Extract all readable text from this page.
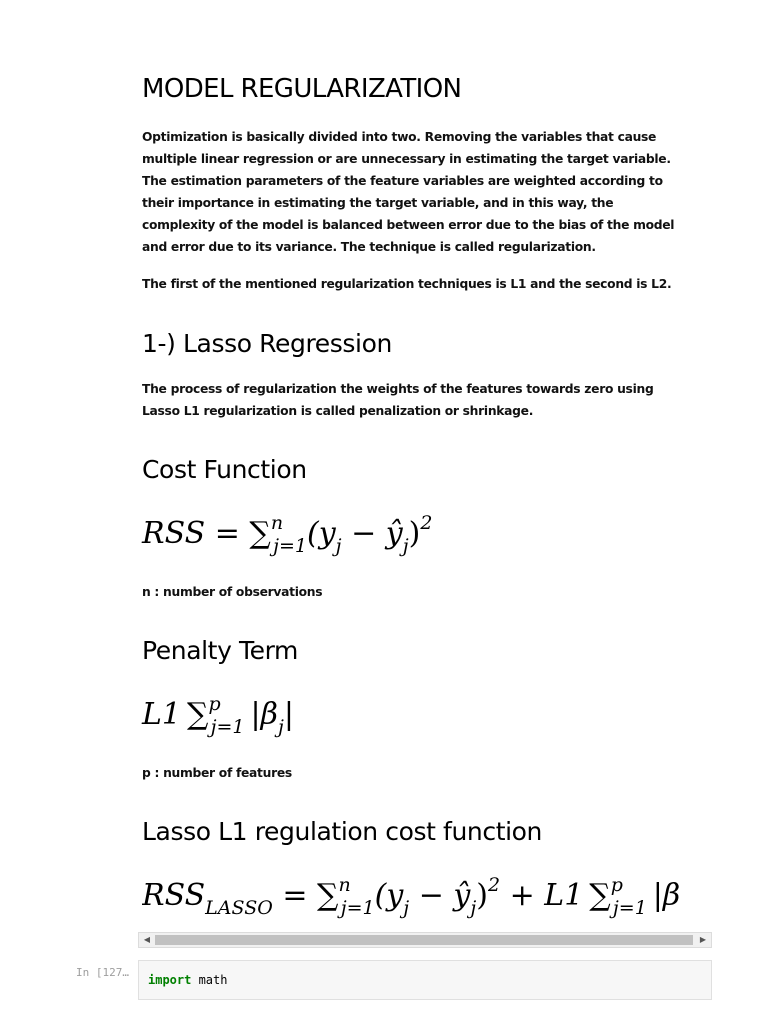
MODEL REGULARIZATION

Optimization is basically divided into two. Removing the variables that cause multiple linear regression or are unnecessary in estimating the target variable. The estimation parameters of the feature variables are weighted according to their importance in estimating the target variable, and in this way, the complexity of the model is balanced between error due to the bias of the model and error due to its variance. The technique is called regularization.

The first of the mentioned regularization techniques is L1 and the second is L2.

1-) Lasso Regression

The process of regularization the weights of the features towards zero using Lasso L1 regularization is called penalization or shrinkage.

Cost Function
RSS = $\sum^n_{j=1}(y_j$ − $ŷ_j)^2$

n : number of observations

Penalty Term
L1 ∑$^p_{j=1}$ $|\beta_j|$

p : number of features

Lasso L1 regulation cost function
$RSS_{LASSO} = \sum^n_{j=1}(y_j$ − $ŷ_j)^2 + L1$ ∑$^p_{j=1}$ |β
◀	▶
In [127…
import math
